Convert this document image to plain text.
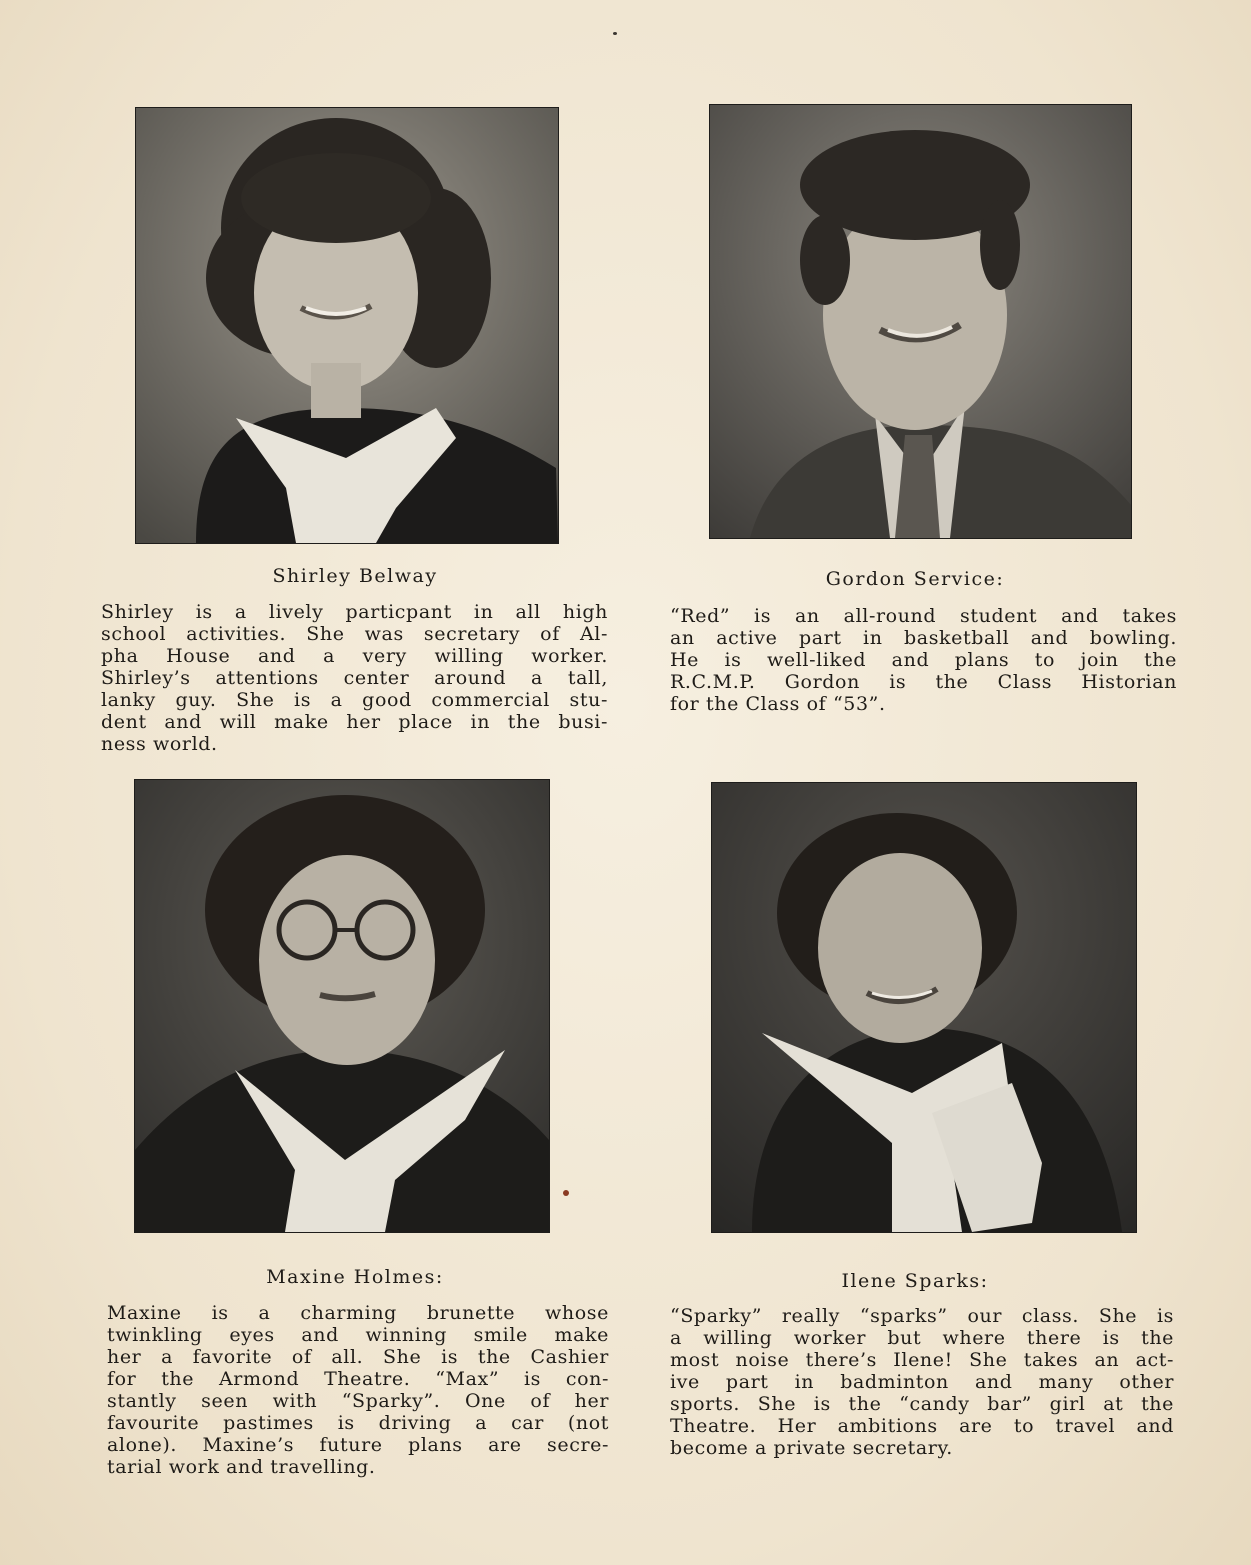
Shirley Belway	Gordon Service:

Maxine Holmes:	Ilene Sparks:

Shirley is a lively particpant in all high
school activities. She was secretary of Al-
pha House and a very willing worker.
Shirley’s attentions center around a tall,
lanky guy. She is a good commercial stu-
dent and will make her place in the busi-
ness world.
“Red” is an all-round student and takes
an active part in basketball and bowling.
He is well-liked and plans to join the
R.C.M.P. Gordon is the Class Historian
for the Class of “53”.
Maxine is a charming brunette whose
twinkling eyes and winning smile make
her a favorite of all. She is the Cashier
for the Armond Theatre. “Max” is con-
stantly seen with “Sparky”. One of her
favourite pastimes is driving a car (not
alone). Maxine’s future plans are secre-
tarial work and travelling.
“Sparky” really “sparks” our class. She is
a willing worker but where there is the
most noise there’s Ilene! She takes an act-
ive part in badminton and many other
sports. She is the “candy bar” girl at the
Theatre. Her ambitions are to travel and
become a private secretary.
